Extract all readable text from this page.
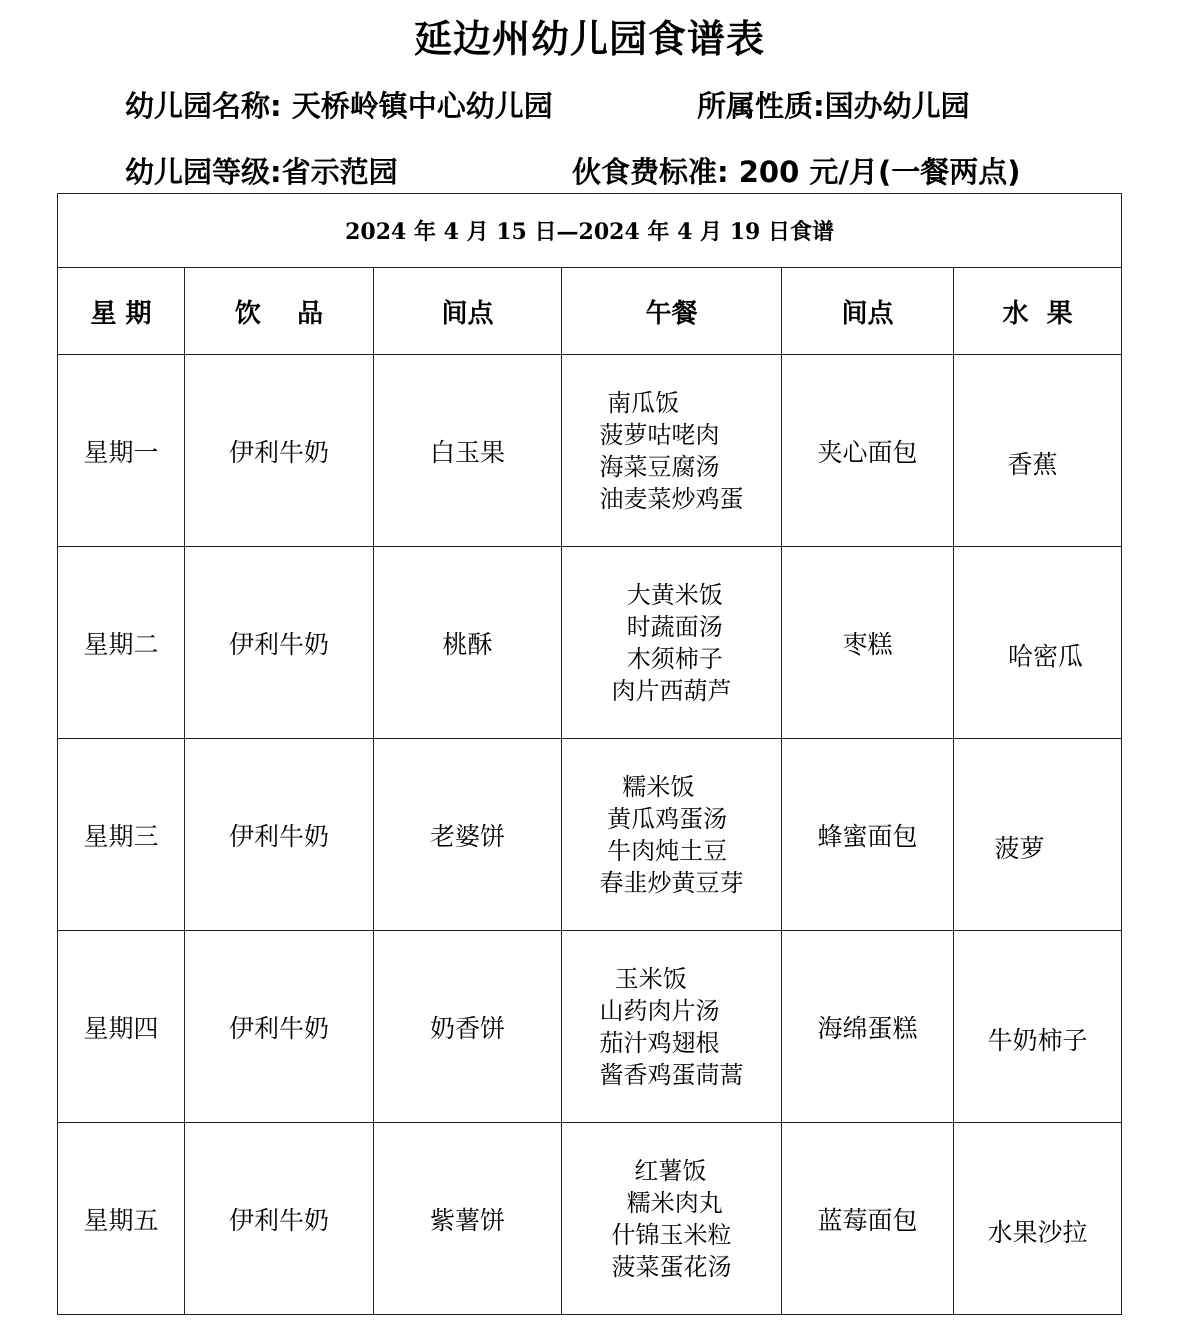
延边州幼儿园食谱表
幼儿园名称: 天桥岭镇中心幼儿园	所属性质:国办幼儿园
幼儿园等级:省示范园	伙食费标准: 200 元/月(一餐两点)
2024 年 4 月 15 日—2024 年 4 月 19 日食谱					
星 期	饮    品	间点	午餐	间点	水  果
星期一	伊利牛奶	白玉果	南瓜饭
菠萝咕咾肉
海菜豆腐汤
油麦菜炒鸡蛋	夹心面包	香蕉
星期二	伊利牛奶	桃酥	大黄米饭
时蔬面汤
木须柿子
肉片西葫芦	枣糕	哈密瓜
星期三	伊利牛奶	老婆饼	糯米饭
黄瓜鸡蛋汤
牛肉炖土豆
春韭炒黄豆芽	蜂蜜面包	菠萝
星期四	伊利牛奶	奶香饼	玉米饭
山药肉片汤
茄汁鸡翅根
酱香鸡蛋茼蒿	海绵蛋糕	牛奶柿子
星期五	伊利牛奶	紫薯饼	红薯饭
糯米肉丸
什锦玉米粒
菠菜蛋花汤	蓝莓面包	水果沙拉
